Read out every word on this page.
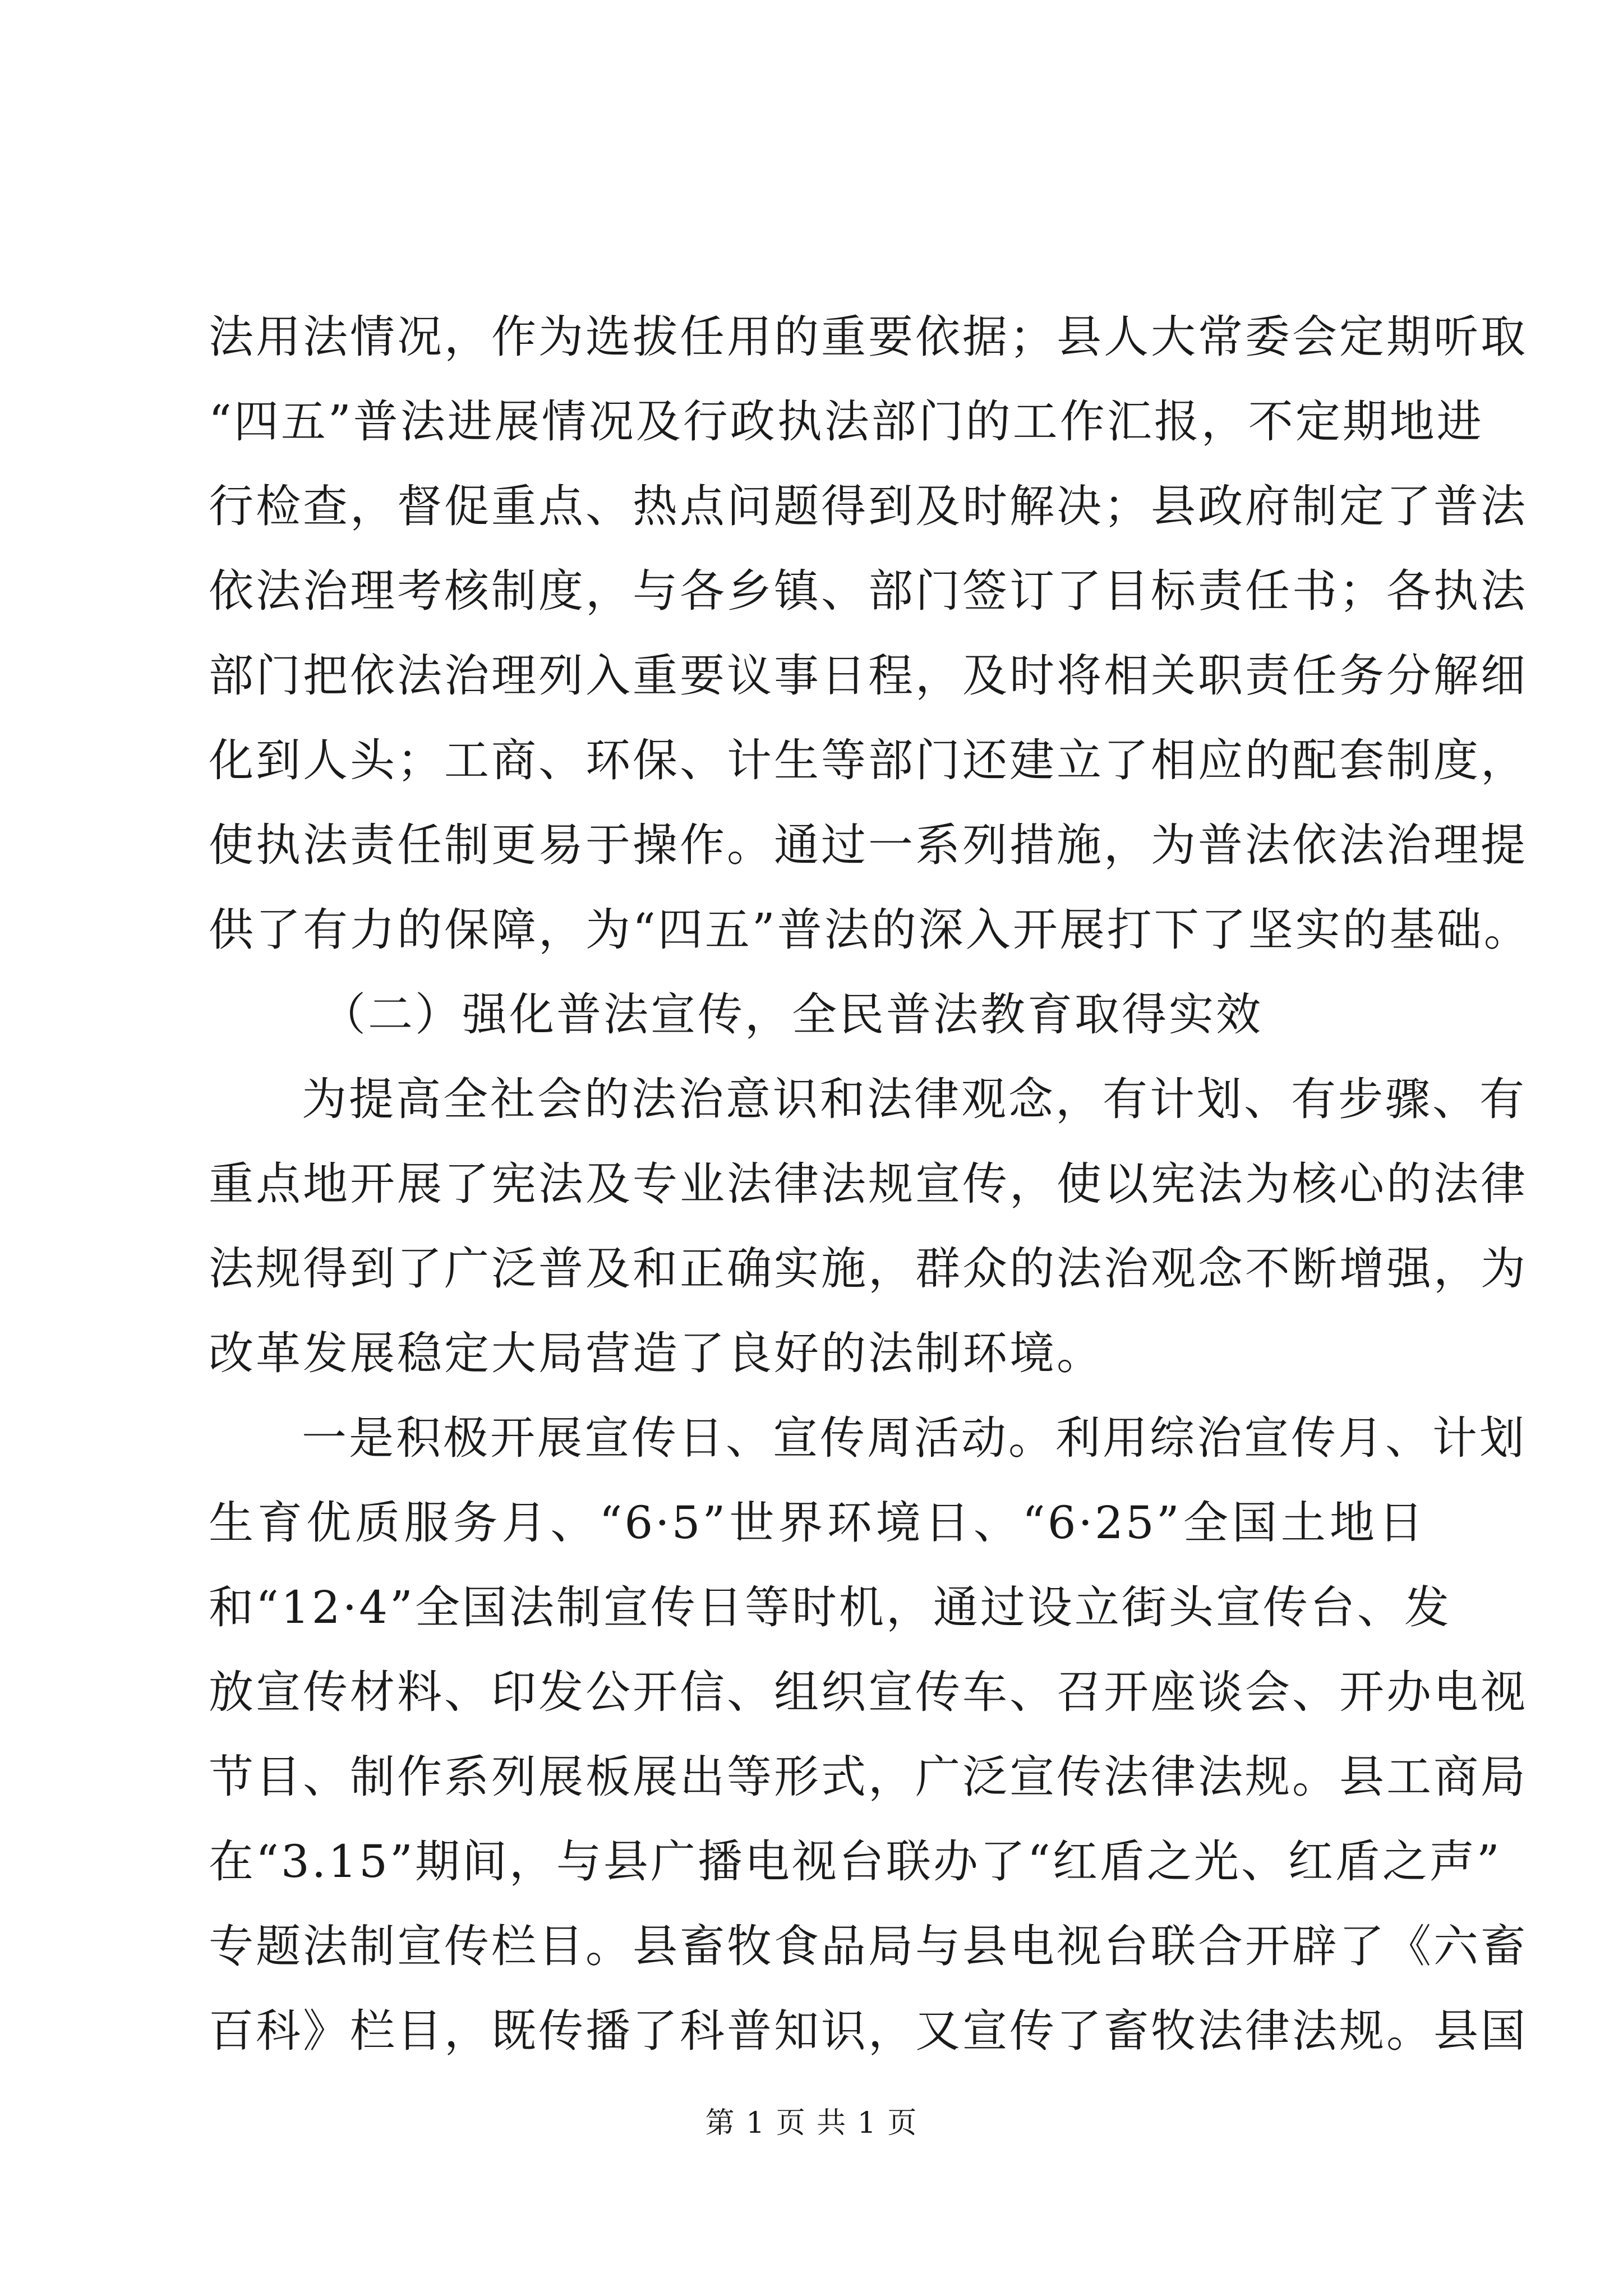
法用法情况，作为选拔任用的重要依据；县人大常委会定期听取
“四五”普法进展情况及行政执法部门的工作汇报，不定期地进
行检查，督促重点、热点问题得到及时解决；县政府制定了普法
依法治理考核制度，与各乡镇、部门签订了目标责任书；各执法
部门把依法治理列入重要议事日程，及时将相关职责任务分解细
化到人头；工商、环保、计生等部门还建立了相应的配套制度，
使执法责任制更易于操作。通过一系列措施，为普法依法治理提
供了有力的保障，为“四五”普法的深入开展打下了坚实的基础。
（二）强化普法宣传，全民普法教育取得实效
为提高全社会的法治意识和法律观念，有计划、有步骤、有
重点地开展了宪法及专业法律法规宣传，使以宪法为核心的法律
法规得到了广泛普及和正确实施，群众的法治观念不断增强，为
改革发展稳定大局营造了良好的法制环境。
一是积极开展宣传日、宣传周活动。利用综治宣传月、计划
生育优质服务月、“6·5”世界环境日、“6·25”全国土地日
和“12·4”全国法制宣传日等时机，通过设立街头宣传台、发
放宣传材料、印发公开信、组织宣传车、召开座谈会、开办电视
节目、制作系列展板展出等形式，广泛宣传法律法规。县工商局
在“3.15”期间，与县广播电视台联办了“红盾之光、红盾之声”
专题法制宣传栏目。县畜牧食品局与县电视台联合开辟了《六畜
百科》栏目，既传播了科普知识，又宣传了畜牧法律法规。县国
第 1 页 共 1 页
